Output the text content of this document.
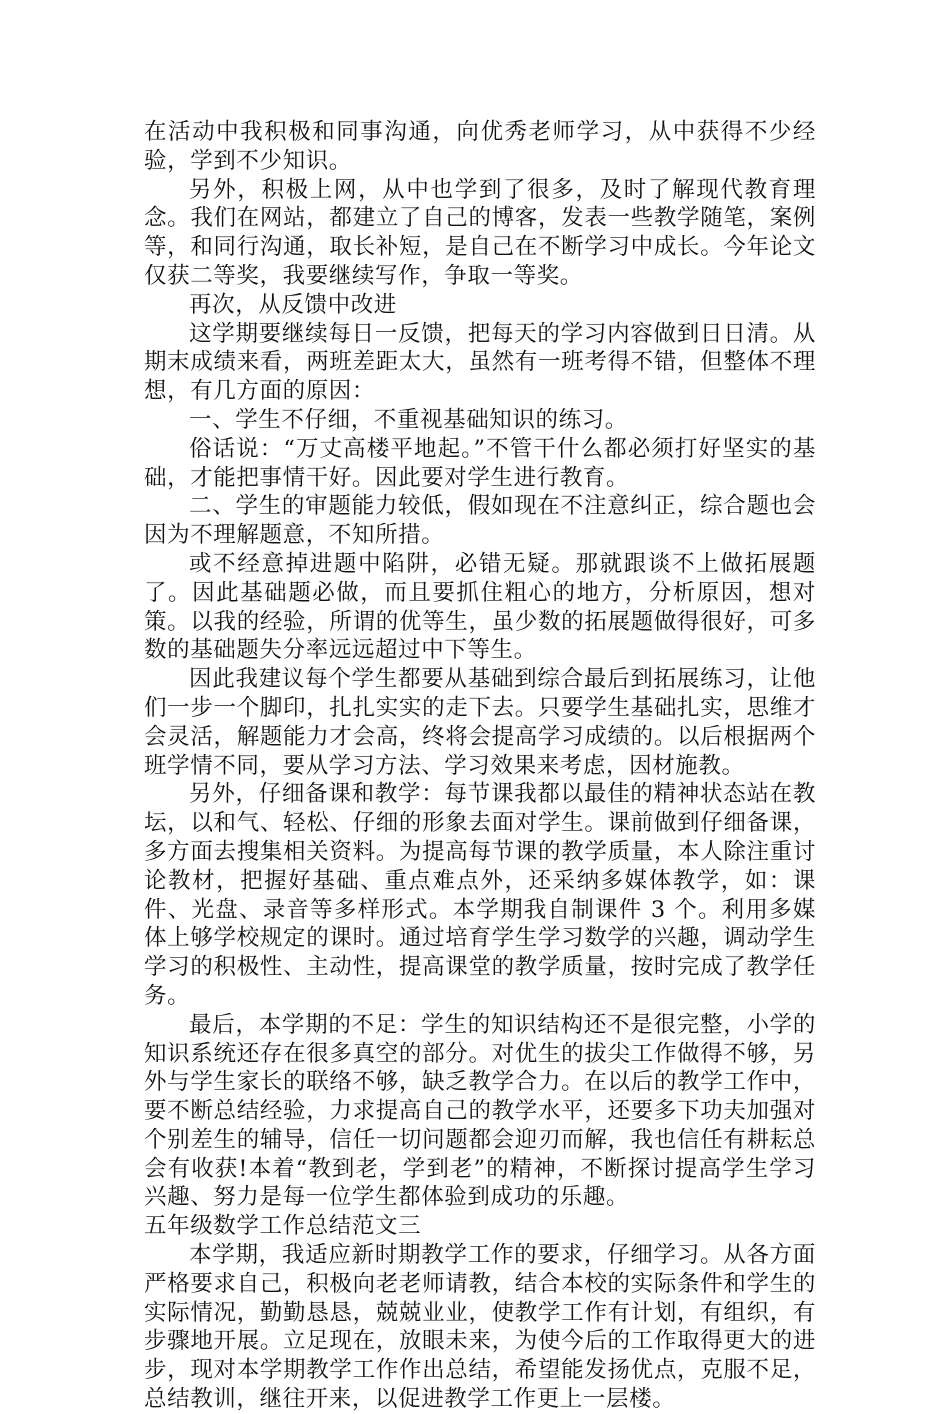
在活动中我积极和同事沟通，向优秀老师学习，从中获得不少经验，学到不少知识。

另外，积极上网，从中也学到了很多，及时了解现代教育理念。我们在网站，都建立了自己的博客，发表一些教学随笔，案例等，和同行沟通，取长补短，是自己在不断学习中成长。今年论文仅获二等奖，我要继续写作，争取一等奖。

再次，从反馈中改进

这学期要继续每日一反馈，把每天的学习内容做到日日清。从期末成绩来看，两班差距太大，虽然有一班考得不错，但整体不理想，有几方面的原因：

一、学生不仔细，不重视基础知识的练习。

俗话说：“万丈高楼平地起。”不管干什么都必须打好坚实的基础，才能把事情干好。因此要对学生进行教育。

二、学生的审题能力较低，假如现在不注意纠正，综合题也会因为不理解题意，不知所措。

或不经意掉进题中陷阱，必错无疑。那就跟谈不上做拓展题了。因此基础题必做，而且要抓住粗心的地方，分析原因，想对策。以我的经验，所谓的优等生，虽少数的拓展题做得很好，可多数的基础题失分率远远超过中下等生。

因此我建议每个学生都要从基础到综合最后到拓展练习，让他们一步一个脚印，扎扎实实的走下去。只要学生基础扎实，思维才会灵活，解题能力才会高，终将会提高学习成绩的。以后根据两个班学情不同，要从学习方法、学习效果来考虑，因材施教。

另外，仔细备课和教学：每节课我都以最佳的精神状态站在教坛，以和气、轻松、仔细的形象去面对学生。课前做到仔细备课，多方面去搜集相关资料。为提高每节课的教学质量，本人除注重讨论教材，把握好基础、重点难点外，还采纳多媒体教学，如：课件、光盘、录音等多样形式。本学期我自制课件 3 个。利用多媒体上够学校规定的课时。通过培育学生学习数学的兴趣，调动学生学习的积极性、主动性，提高课堂的教学质量，按时完成了教学任务。

最后，本学期的不足：学生的知识结构还不是很完整，小学的知识系统还存在很多真空的部分。对优生的拔尖工作做得不够，另外与学生家长的联络不够，缺乏教学合力。在以后的教学工作中，要不断总结经验，力求提高自己的教学水平，还要多下功夫加强对个别差生的辅导，信任一切问题都会迎刃而解，我也信任有耕耘总会有收获!本着“教到老，学到老”的精神，不断探讨提高学生学习兴趣、努力是每一位学生都体验到成功的乐趣。

五年级数学工作总结范文三

本学期，我适应新时期教学工作的要求，仔细学习。从各方面严格要求自己，积极向老老师请教，结合本校的实际条件和学生的实际情况，勤勤恳恳，兢兢业业，使教学工作有计划，有组织，有步骤地开展。立足现在，放眼未来，为使今后的工作取得更大的进步，现对本学期教学工作作出总结，希望能发扬优点，克服不足，总结教训，继往开来，以促进教学工作更上一层楼。
